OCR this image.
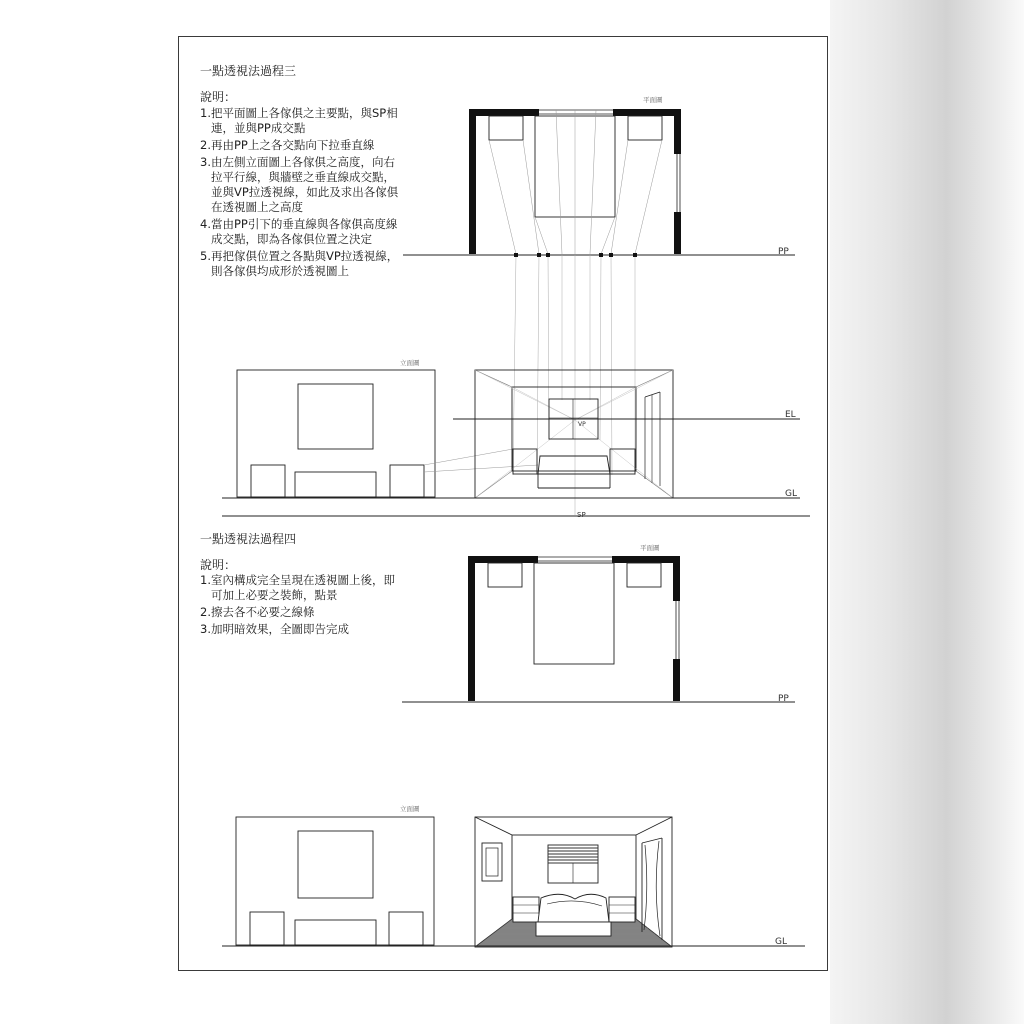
一點透視法過程三
說明：
1. 把平面圖上各傢俱之主要點，與SP相連，並與PP成交點
2. 再由PP上之各交點向下拉垂直線
3. 由左側立面圖上各傢俱之高度，向右拉平行線，與牆壁之垂直線成交點，並與VP拉透視線，如此及求出各傢俱在透視圖上之高度
4. 當由PP引下的垂直線與各傢俱高度線成交點，即為各傢俱位置之決定
5. 再把傢俱位置之各點與VP拉透視線，則各傢俱均成形於透視圖上
一點透視法過程四
說明：
1. 室內構成完全呈現在透視圖上後，即可加上必要之裝飾，點景
2. 擦去各不必要之線條
3. 加明暗效果，全圖即告完成
平面圖
PP
立面圖
EL
VP
GL
SP
平面圖
PP
立面圖
GL
